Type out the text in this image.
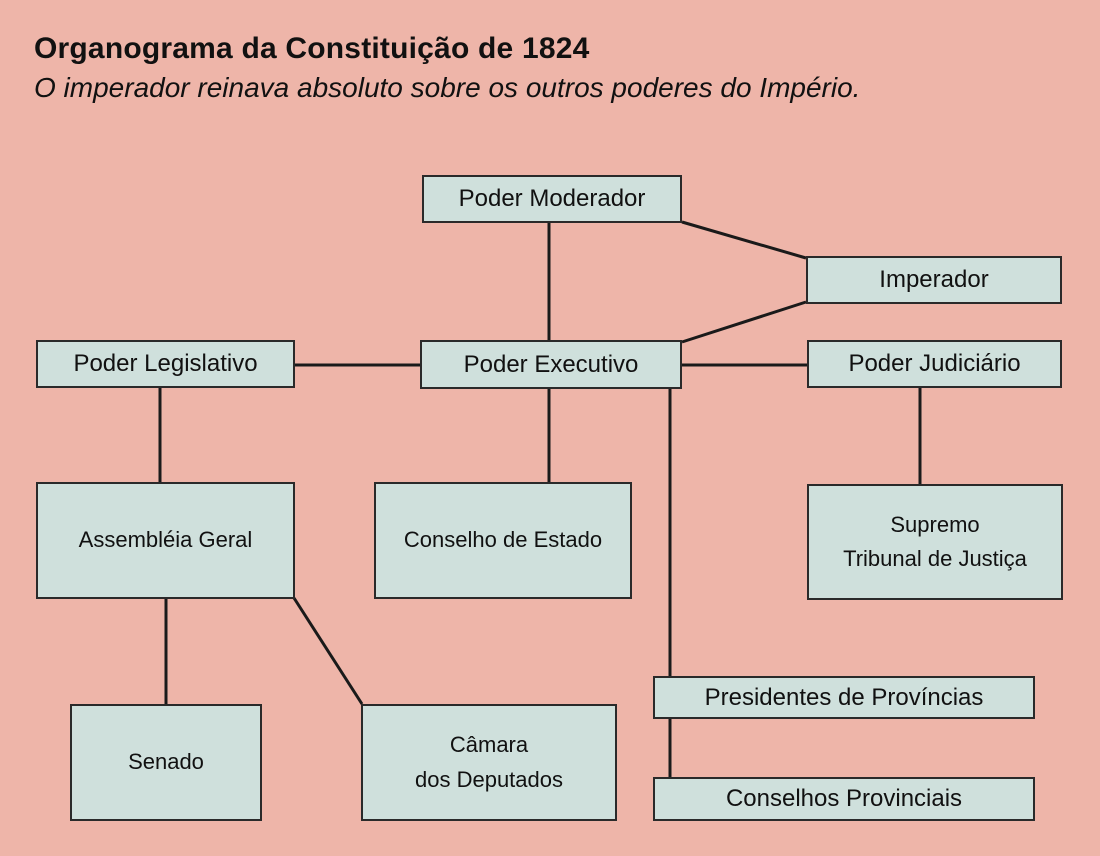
Organograma da Constituição de 1824
O imperador reinava absoluto sobre os outros poderes do Império.
Poder Moderador
Imperador
Poder Legislativo	Poder Executivo	Poder Judiciário
Assembléia Geral	Conselho de Estado
Supremo
Tribunal de Justiça
Presidentes de Províncias
Senado
Câmara
dos Deputados
Conselhos Provinciais
